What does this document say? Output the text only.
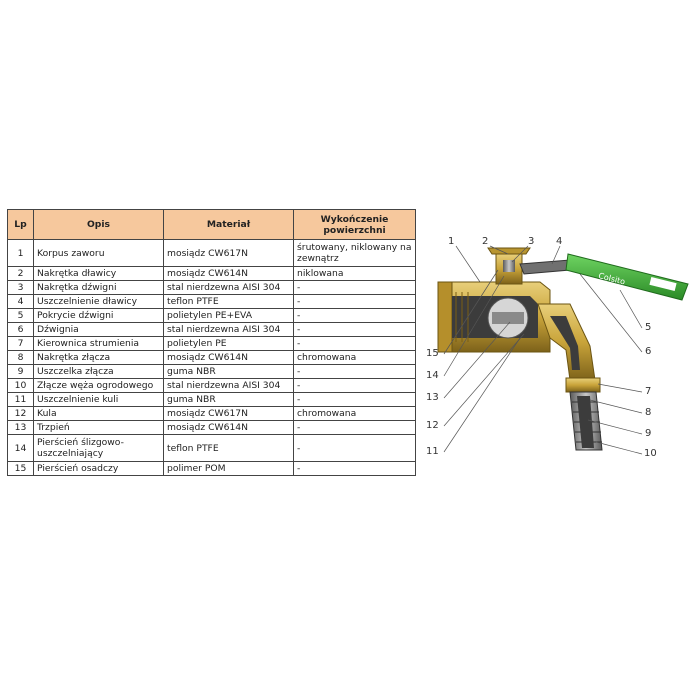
Lp	Opis	Materiał	Wykończenie powierzchni
1	Korpus zaworu	mosiądz CW617N	śrutowany, niklowany na zewnątrz
2	Nakrętka dławicy	mosiądz CW614N	niklowana
3	Nakrętka dźwigni	stal nierdzewna AISI 304	-
4	Uszczelnienie dławicy	teflon PTFE	-
5	Pokrycie dźwigni	polietylen PE+EVA	-
6	Dźwignia	stal nierdzewna AISI 304	-
7	Kierownica strumienia	polietylen PE	-
8	Nakrętka złącza	mosiądz CW614N	chromowana
9	Uszczelka złącza	guma NBR	-
10	Złącze węża ogrodowego	stal nierdzewna AISI 304	-
11	Uszczelnienie kuli	guma NBR	-
12	Kula	mosiądz CW617N	chromowana
13	Trzpień	mosiądz CW614N	-
14	Pierścień ślizgowo-uszczelniający	teflon PTFE	-
15	Pierścień osadczy	polimer POM	-
Colsito
1	2	3 4
5
6
7
8
9
10
11
12
13
14
15
